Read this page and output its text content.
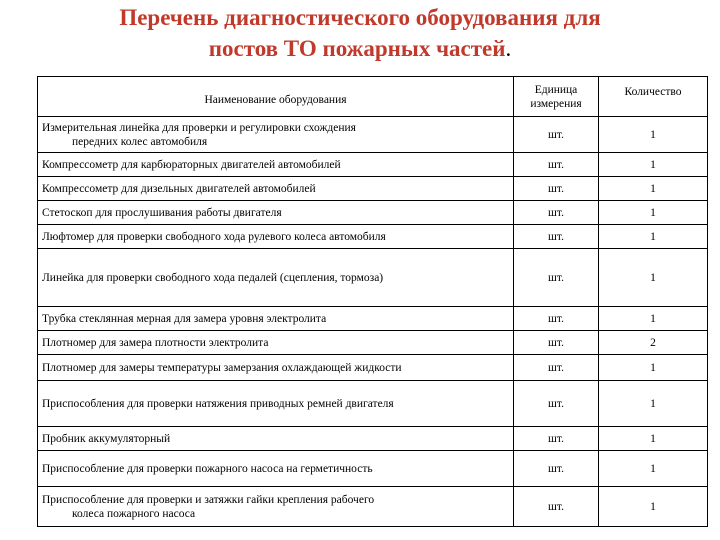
Перечень диагностического оборудования для
постов ТО пожарных частей.
Наименование оборудования	Единица измерения	Количество
Измерительная линейка для проверки и регулировки схождения
передних колес автомобиля	шт.	1
Компрессометр для карбюраторных двигателей автомобилей	шт.	1
Компрессометр для дизельных двигателей автомобилей	шт.	1
Стетоскоп для прослушивания работы двигателя	шт.	1
Люфтомер для проверки свободного хода рулевого колеса автомобиля	шт.	1
Линейка для проверки свободного хода педалей (сцепления, тормоза)	шт.	1
Трубка стеклянная мерная для замера уровня электролита	шт.	1
Плотномер для замера плотности электролита	шт.	2
Плотномер для замеры температуры замерзания охлаждающей жидкости	шт.	1
Приспособления для проверки натяжения приводных ремней двигателя	шт.	1
Пробник аккумуляторный	шт.	1
Приспособление для проверки пожарного насоса на герметичность	шт.	1
Приспособление для проверки и затяжки гайки крепления рабочего
колеса пожарного насоса	шт.	1
